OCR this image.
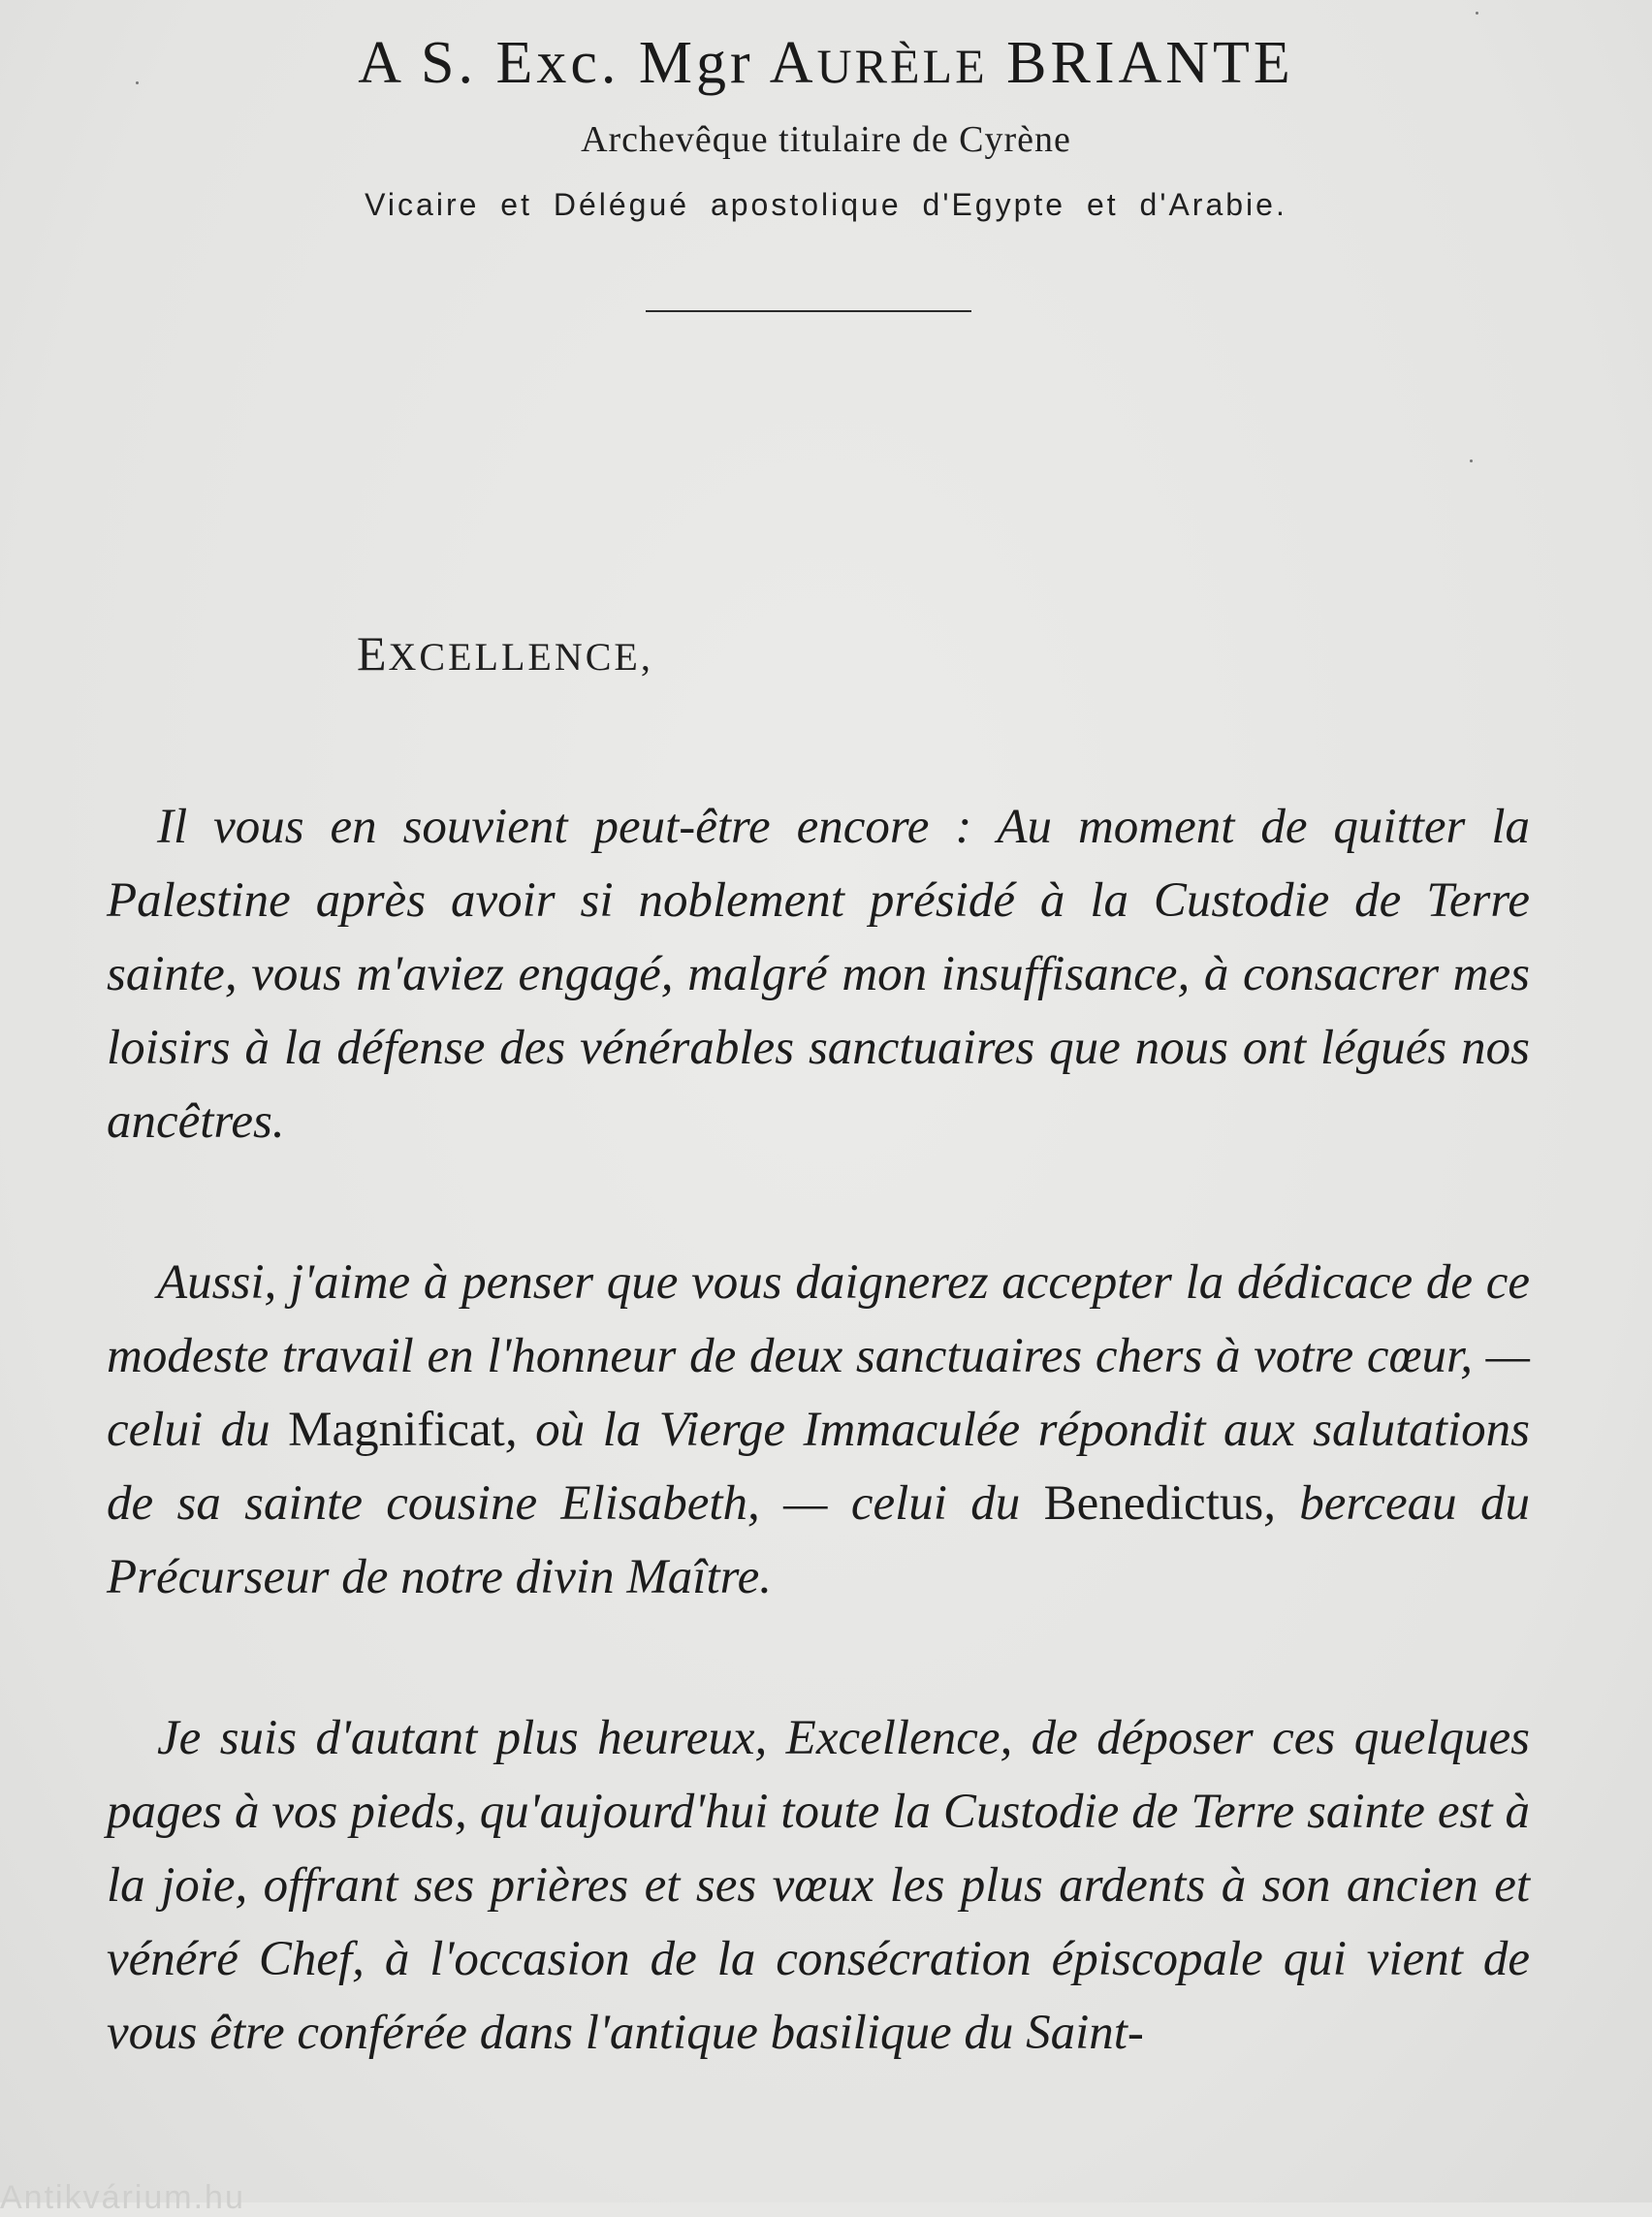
A S. Exc. Mgr AURÈLE BRIANTE
Archevêque titulaire de Cyrène
Vicaire et Délégué apostolique d'Egypte et d'Arabie.
EXCELLENCE,

Il vous en souvient peut-être encore : Au moment de quitter la Palestine après avoir si noblement présidé à la Custodie de Terre sainte, vous m'aviez engagé, malgré mon insuffisance, à consacrer mes loisirs à la défense des vénérables sanctuaires que nous ont légués nos ancêtres.

Aussi, j'aime à penser que vous daignerez accepter la dédicace de ce modeste travail en l'honneur de deux sanctuaires chers à votre cœur, — celui du Magnificat, où la Vierge Immaculée répondit aux salutations de sa sainte cousine Elisabeth, — celui du Benedictus, berceau du Précurseur de notre divin Maître.

Je suis d'autant plus heureux, Excellence, de déposer ces quelques pages à vos pieds, qu'aujourd'hui toute la Custodie de Terre sainte est à la joie, offrant ses prières et ses vœux les plus ardents à son ancien et vénéré Chef, à l'occasion de la consécration épiscopale qui vient de vous être conférée dans l'antique basilique du Saint-

Antikvárium.hu
